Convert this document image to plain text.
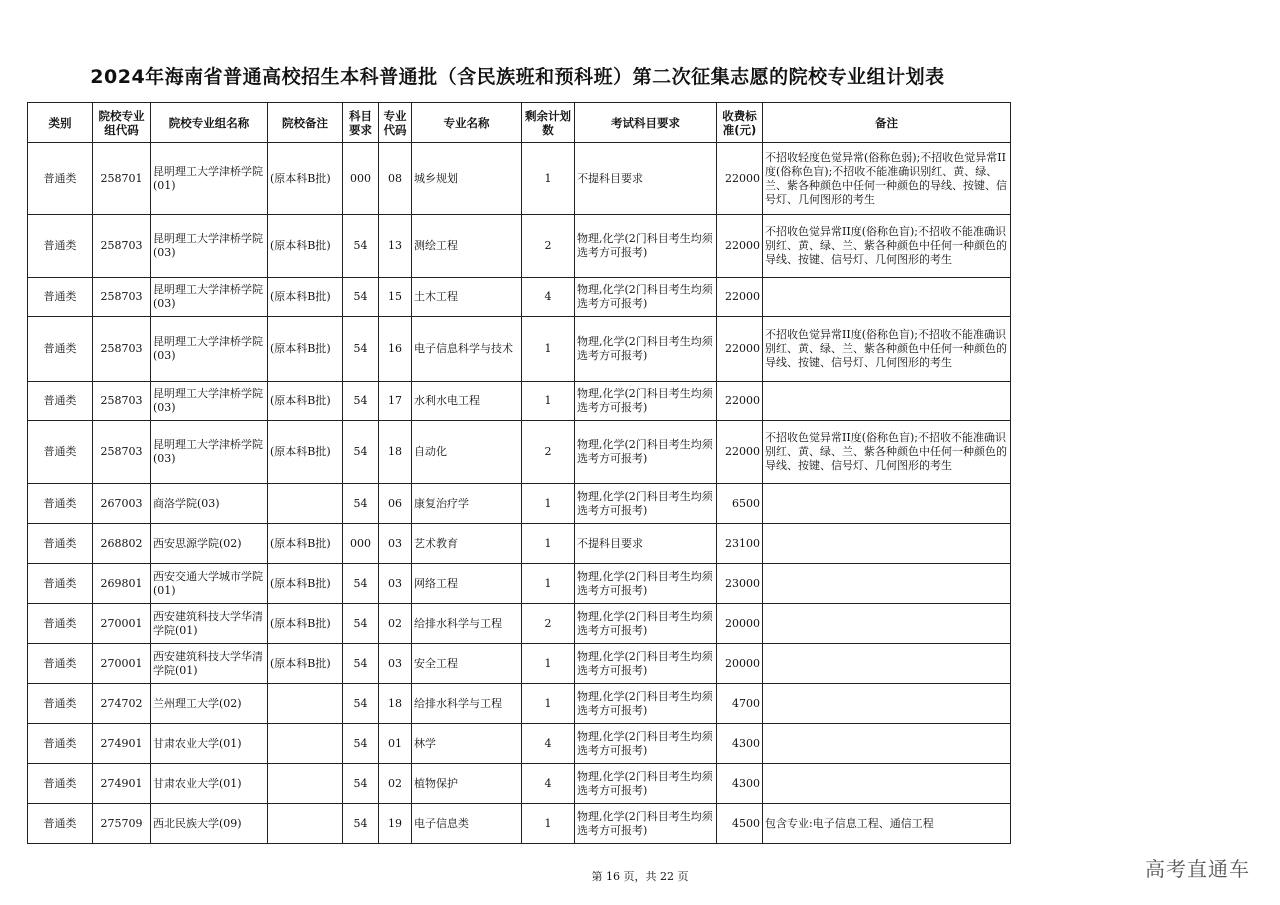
2024年海南省普通高校招生本科普通批（含民族班和预科班）第二次征集志愿的院校专业组计划表
类别	院校专业组代码	院校专业组名称	院校备注	科目要求	专业代码	专业名称	剩余计划数	考试科目要求	收费标准(元)	备注
普通类	258701	昆明理工大学津桥学院(01)	(原本科B批)	000	08	城乡规划	1	不提科目要求	22000	不招收轻度色觉异常(俗称色弱);不招收色觉异常II度(俗称色盲);不招收不能准确识别红、黄、绿、兰、紫各种颜色中任何一种颜色的导线、按键、信号灯、几何图形的考生
普通类	258703	昆明理工大学津桥学院(03)	(原本科B批)	54	13	测绘工程	2	物理,化学(2门科目考生均须选考方可报考)	22000	不招收色觉异常II度(俗称色盲);不招收不能准确识别红、黄、绿、兰、紫各种颜色中任何一种颜色的导线、按键、信号灯、几何图形的考生
普通类	258703	昆明理工大学津桥学院(03)	(原本科B批)	54	15	土木工程	4	物理,化学(2门科目考生均须选考方可报考)	22000	
普通类	258703	昆明理工大学津桥学院(03)	(原本科B批)	54	16	电子信息科学与技术	1	物理,化学(2门科目考生均须选考方可报考)	22000	不招收色觉异常II度(俗称色盲);不招收不能准确识别红、黄、绿、兰、紫各种颜色中任何一种颜色的导线、按键、信号灯、几何图形的考生
普通类	258703	昆明理工大学津桥学院(03)	(原本科B批)	54	17	水利水电工程	1	物理,化学(2门科目考生均须选考方可报考)	22000	
普通类	258703	昆明理工大学津桥学院(03)	(原本科B批)	54	18	自动化	2	物理,化学(2门科目考生均须选考方可报考)	22000	不招收色觉异常II度(俗称色盲);不招收不能准确识别红、黄、绿、兰、紫各种颜色中任何一种颜色的导线、按键、信号灯、几何图形的考生
普通类	267003	商洛学院(03)		54	06	康复治疗学	1	物理,化学(2门科目考生均须选考方可报考)	6500	
普通类	268802	西安思源学院(02)	(原本科B批)	000	03	艺术教育	1	不提科目要求	23100	
普通类	269801	西安交通大学城市学院(01)	(原本科B批)	54	03	网络工程	1	物理,化学(2门科目考生均须选考方可报考)	23000	
普通类	270001	西安建筑科技大学华清学院(01)	(原本科B批)	54	02	给排水科学与工程	2	物理,化学(2门科目考生均须选考方可报考)	20000	
普通类	270001	西安建筑科技大学华清学院(01)	(原本科B批)	54	03	安全工程	1	物理,化学(2门科目考生均须选考方可报考)	20000	
普通类	274702	兰州理工大学(02)		54	18	给排水科学与工程	1	物理,化学(2门科目考生均须选考方可报考)	4700	
普通类	274901	甘肃农业大学(01)		54	01	林学	4	物理,化学(2门科目考生均须选考方可报考)	4300	
普通类	274901	甘肃农业大学(01)		54	02	植物保护	4	物理,化学(2门科目考生均须选考方可报考)	4300	
普通类	275709	西北民族大学(09)		54	19	电子信息类	1	物理,化学(2门科目考生均须选考方可报考)	4500	包含专业:电子信息工程、通信工程
第 16 页，共 22 页	高考直通车
